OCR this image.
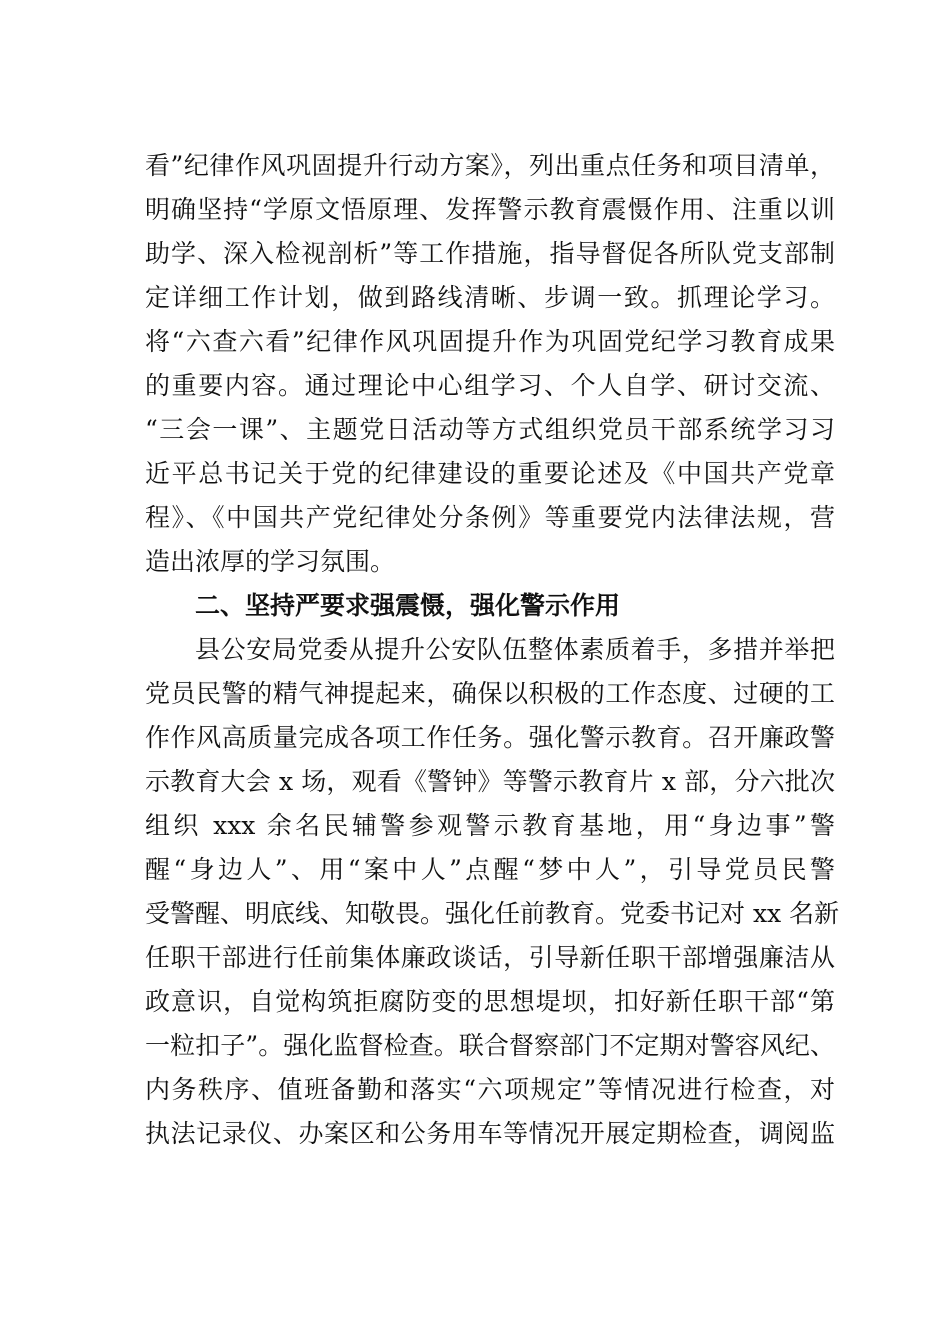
看”纪律作风巩固提升行动方案》，列出重点任务和项目清单，
明确坚持“学原文悟原理、发挥警示教育震慑作用、注重以训
助学、深入检视剖析”等工作措施，指导督促各所队党支部制
定详细工作计划，做到路线清晰、步调一致。抓理论学习。
将“六查六看”纪律作风巩固提升作为巩固党纪学习教育成果
的重要内容。通过理论中心组学习、个人自学、研讨交流、
“三会一课”、主题党日活动等方式组织党员干部系统学习习
近平总书记关于党的纪律建设的重要论述及《中国共产党章
程》、《中国共产党纪律处分条例》等重要党内法律法规，营
造出浓厚的学习氛围。
二、坚持严要求强震慑，强化警示作用
县公安局党委从提升公安队伍整体素质着手，多措并举把
党员民警的精气神提起来，确保以积极的工作态度、过硬的工
作作风高质量完成各项工作任务。强化警示教育。召开廉政警
示教育大会 x 场，观看《警钟》等警示教育片 x 部，分六批次
组织 xxx 余名民辅警参观警示教育基地，用“身边事”警
醒“身边人”、用“案中人”点醒“梦中人”，引导党员民警
受警醒、明底线、知敬畏。强化任前教育。党委书记对 xx 名新
任职干部进行任前集体廉政谈话，引导新任职干部增强廉洁从
政意识，自觉构筑拒腐防变的思想堤坝，扣好新任职干部“第
一粒扣子”。强化监督检查。联合督察部门不定期对警容风纪、
内务秩序、值班备勤和落实“六项规定”等情况进行检查，对
执法记录仪、办案区和公务用车等情况开展定期检查，调阅监
